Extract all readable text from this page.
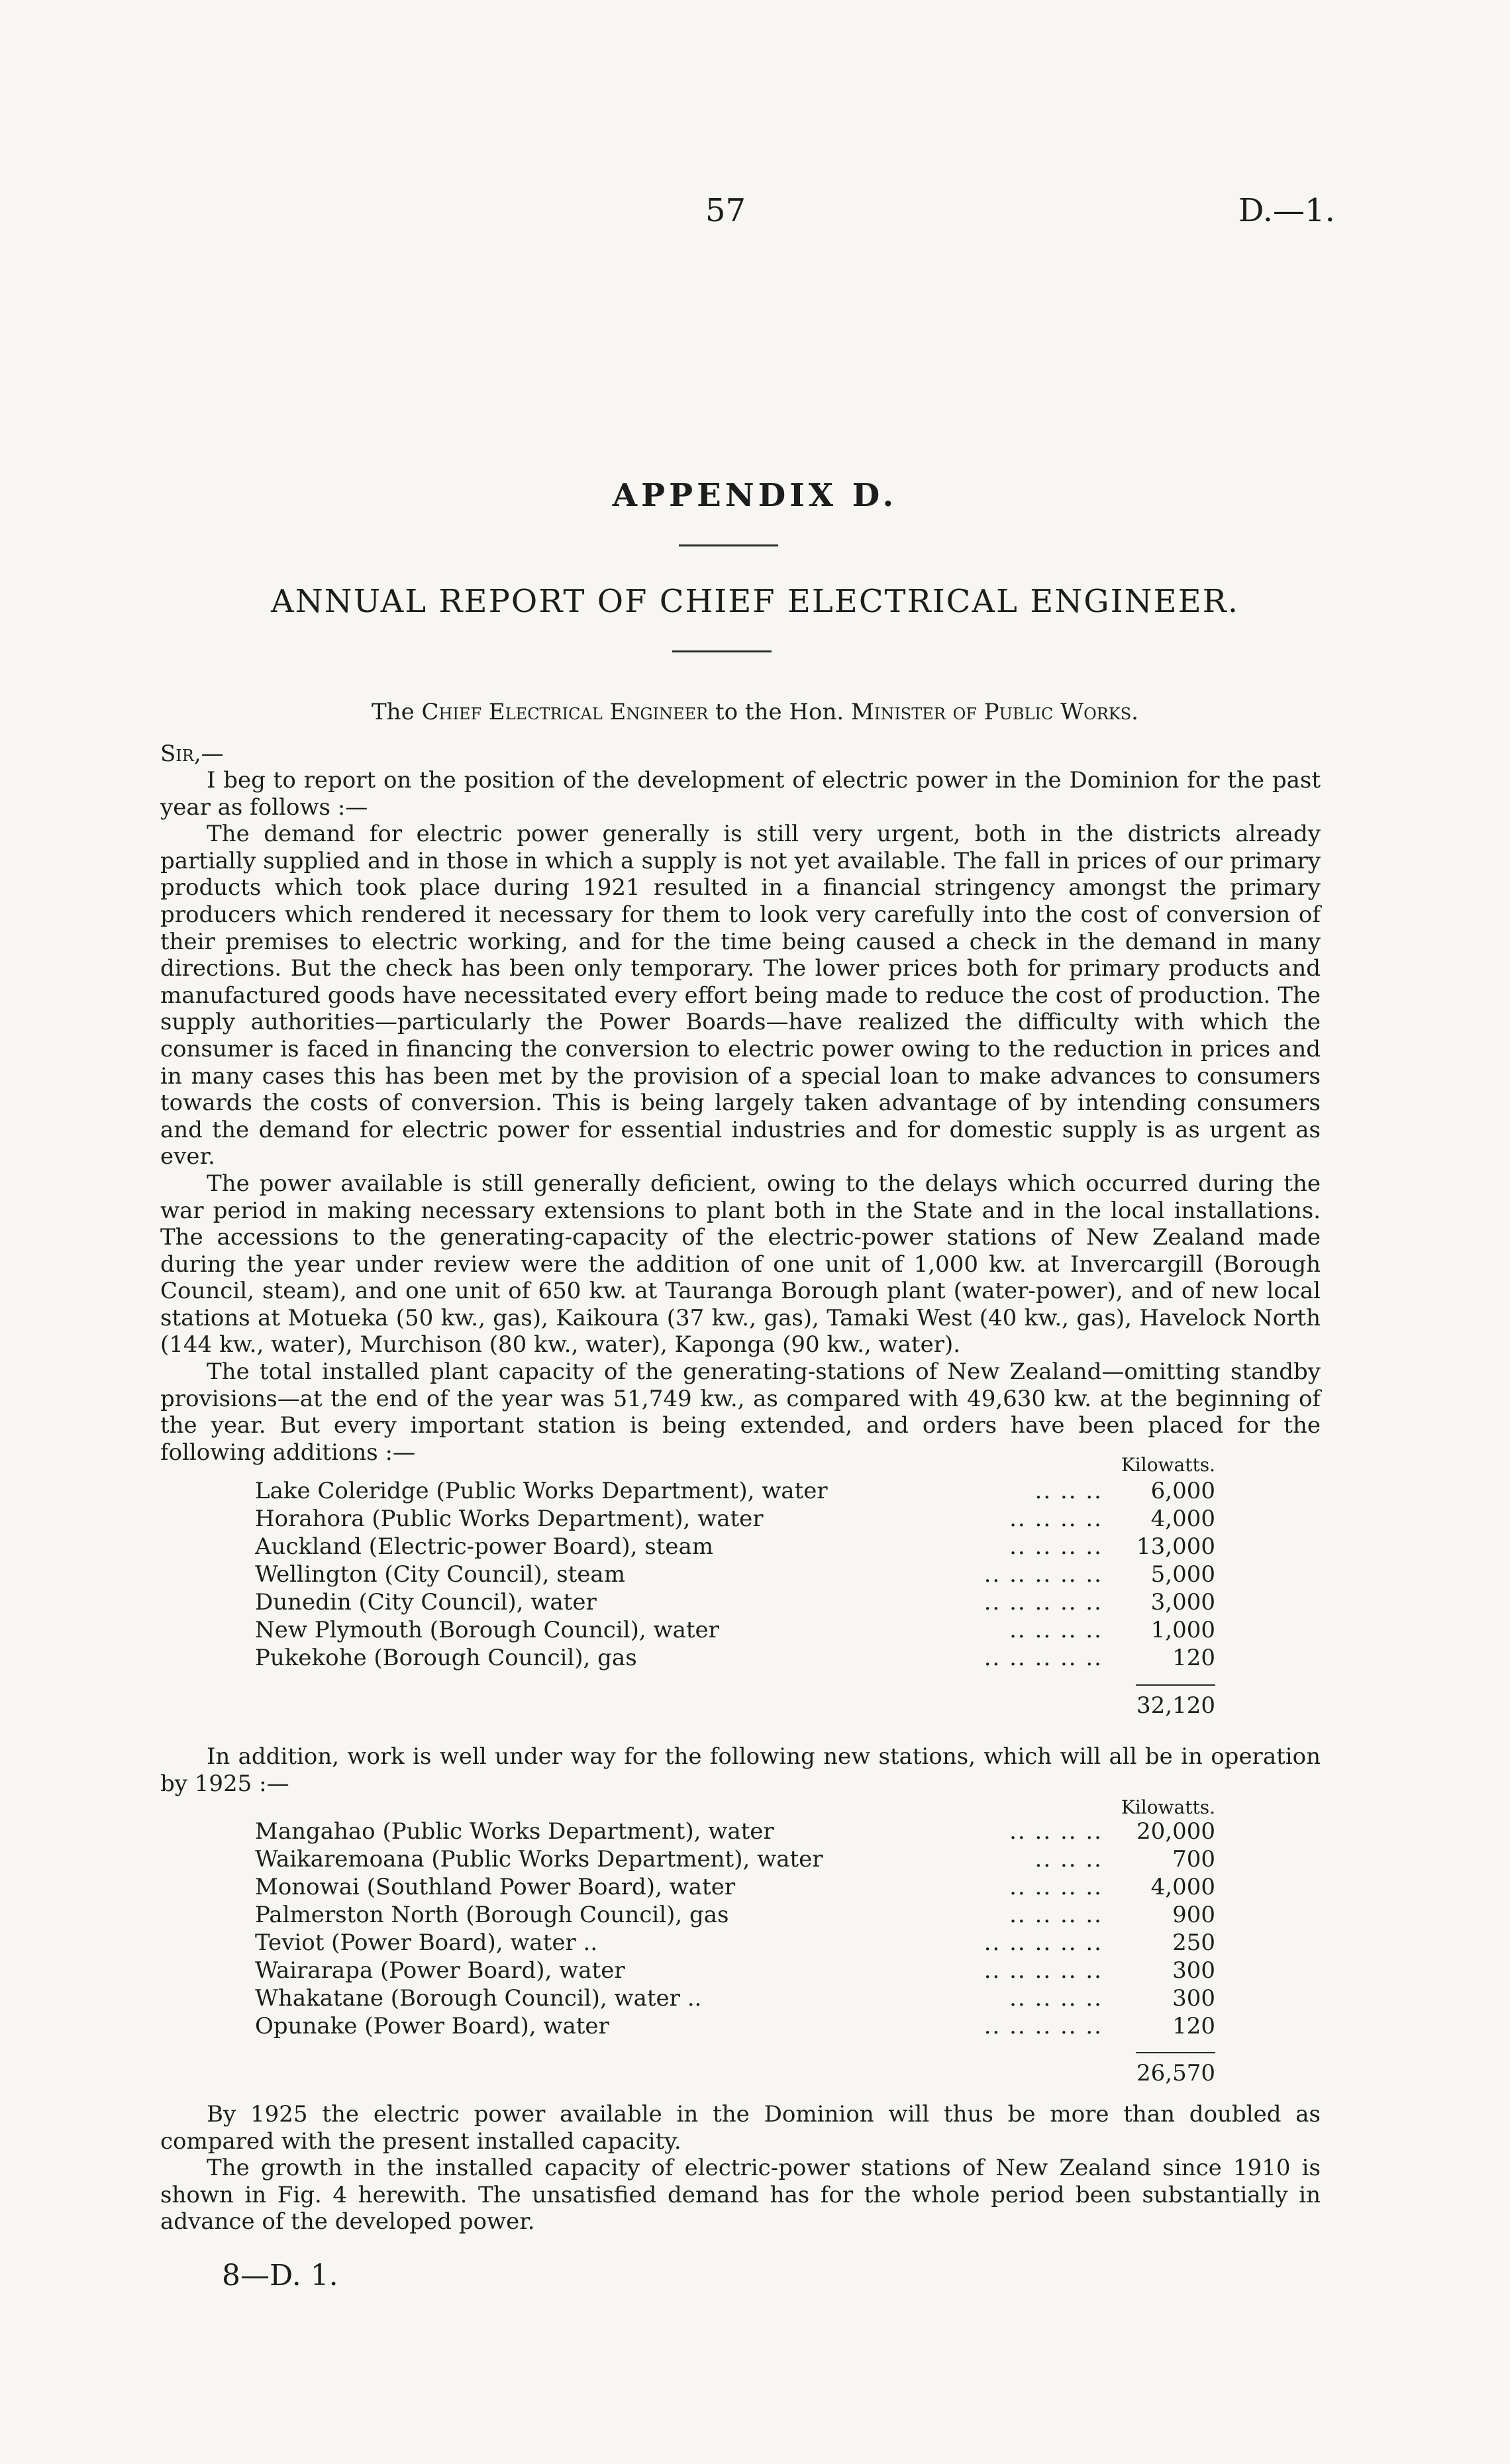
57	D.—1.
APPENDIX D.
ANNUAL REPORT OF CHIEF ELECTRICAL ENGINEER.
The Chief Electrical Engineer to the Hon. Minister of Public Works.
Sir,—

I beg to report on the position of the development of electric power in the Dominion for the past year as follows :—

The demand for electric power generally is still very urgent, both in the districts already partially supplied and in those in which a supply is not yet available. The fall in prices of our primary products which took place during 1921 resulted in a financial stringency amongst the primary producers which rendered it necessary for them to look very carefully into the cost of conversion of their premises to electric working, and for the time being caused a check in the demand in many directions. But the check has been only temporary. The lower prices both for primary products and manufactured goods have necessitated every effort being made to reduce the cost of production. The supply authorities—particularly the Power Boards—have realized the difficulty with which the consumer is faced in financing the conversion to electric power owing to the reduction in prices and in many cases this has been met by the provision of a special loan to make advances to consumers towards the costs of conversion. This is being largely taken advantage of by intending consumers and the demand for electric power for essential industries and for domestic supply is as urgent as ever.

The power available is still generally deficient, owing to the delays which occurred during the war period in making necessary extensions to plant both in the State and in the local installations. The accessions to the generating-capacity of the electric-power stations of New Zealand made during the year under review were the addition of one unit of 1,000 kw. at Invercargill (Borough Council, steam), and one unit of 650 kw. at Tauranga Borough plant (water-power), and of new local stations at Motueka (50 kw., gas), Kaikoura (37 kw., gas), Tamaki West (40 kw., gas), Havelock North (144 kw., water), Murchison (80 kw., water), Kaponga (90 kw., water).

The total installed plant capacity of the generating-stations of New Zealand—omitting standby provisions—at the end of the year was 51,749 kw., as compared with 49,630 kw. at the beginning of the year. But every important station is being extended, and orders have been placed for the following additions :—	Kilowatts.
Lake Coleridge (Public Works Department), water	.. .. .. 6,000
Horahora (Public Works Department), water	.. .. .. .. 4,000
Auckland (Electric-power Board), steam	.. .. .. .. 13,000
Wellington (City Council), steam	.. .. .. .. .. 5,000
Dunedin (City Council), water	.. .. .. .. .. 3,000
New Plymouth (Borough Council), water	.. .. .. .. 1,000
Pukekohe (Borough Council), gas	.. .. .. .. ..	120
32,120

In addition, work is well under way for the following new stations, which will all be in operation by 1925 :—

Kilowatts.
Mangahao (Public Works Department), water	.. .. .. .. 20,000
Waikaremoana (Public Works Department), water	.. .. ..	700
Monowai (Southland Power Board), water	.. .. .. .. 4,000
Palmerston North (Borough Council), gas	.. .. .. ..	900
Teviot (Power Board), water ..	.. .. .. .. ..	250
Wairarapa (Power Board), water	.. .. .. .. ..	300
Whakatane (Borough Council), water ..	.. .. .. ..	300
Opunake (Power Board), water	.. .. .. .. ..	120
26,570

By 1925 the electric power available in the Dominion will thus be more than doubled as compared with the present installed capacity.

The growth in the installed capacity of electric-power stations of New Zealand since 1910 is shown in Fig. 4 herewith. The unsatisfied demand has for the whole period been substantially in advance of the developed power.

8—D. 1.
